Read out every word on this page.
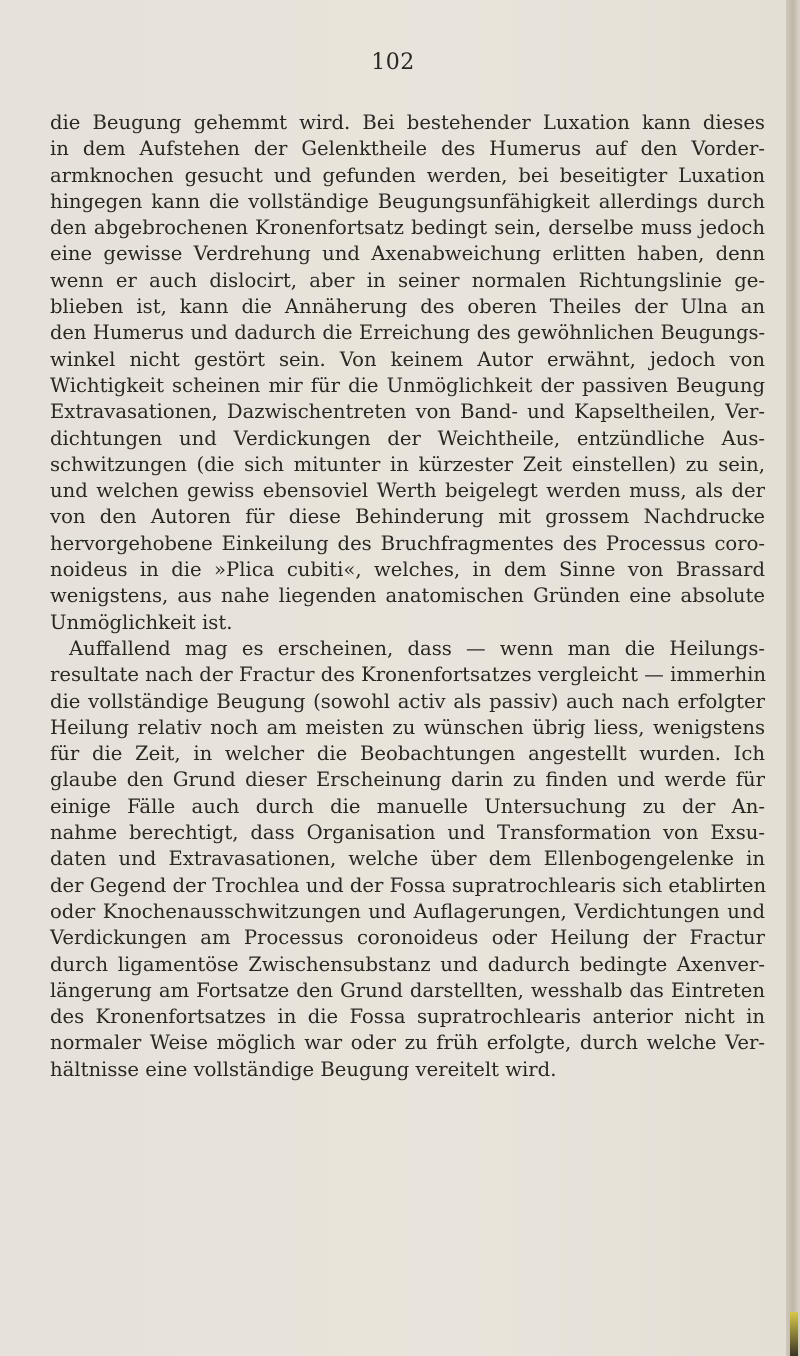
102
die Beugung gehemmt wird. Bei bestehender Luxation kann dieses
in dem Aufstehen der Gelenktheile des Humerus auf den Vorder-
armknochen gesucht und gefunden werden, bei beseitigter Luxation
hingegen kann die vollständige Beugungsunfähigkeit allerdings durch
den abgebrochenen Kronenfortsatz bedingt sein, derselbe muss jedoch
eine gewisse Verdrehung und Axenabweichung erlitten haben, denn
wenn er auch dislocirt, aber in seiner normalen Richtungslinie ge-
blieben ist, kann die Annäherung des oberen Theiles der Ulna an
den Humerus und dadurch die Erreichung des gewöhnlichen Beugungs-
winkel nicht gestört sein. Von keinem Autor erwähnt, jedoch von
Wichtigkeit scheinen mir für die Unmöglichkeit der passiven Beugung
Extravasationen, Dazwischentreten von Band- und Kapseltheilen, Ver-
dichtungen und Verdickungen der Weichtheile, entzündliche Aus-
schwitzungen (die sich mitunter in kürzester Zeit einstellen) zu sein,
und welchen gewiss ebensoviel Werth beigelegt werden muss, als der
von den Autoren für diese Behinderung mit grossem Nachdrucke
hervorgehobene Einkeilung des Bruchfragmentes des Processus coro-
noideus in die »Plica cubiti«, welches, in dem Sinne von Brassard
wenigstens, aus nahe liegenden anatomischen Gründen eine absolute
Unmöglichkeit ist.
Auffallend mag es erscheinen, dass — wenn man die Heilungs-
resultate nach der Fractur des Kronenfortsatzes vergleicht — immerhin
die vollständige Beugung (sowohl activ als passiv) auch nach erfolgter
Heilung relativ noch am meisten zu wünschen übrig liess, wenigstens
für die Zeit, in welcher die Beobachtungen angestellt wurden. Ich
glaube den Grund dieser Erscheinung darin zu finden und werde für
einige Fälle auch durch die manuelle Untersuchung zu der An-
nahme berechtigt, dass Organisation und Transformation von Exsu-
daten und Extravasationen, welche über dem Ellenbogengelenke in
der Gegend der Trochlea und der Fossa supratrochlearis sich etablirten
oder Knochenausschwitzungen und Auflagerungen, Verdichtungen und
Verdickungen am Processus coronoideus oder Heilung der Fractur
durch ligamentöse Zwischensubstanz und dadurch bedingte Axenver-
längerung am Fortsatze den Grund darstellten, wesshalb das Eintreten
des Kronenfortsatzes in die Fossa supratrochlearis anterior nicht in
normaler Weise möglich war oder zu früh erfolgte, durch welche Ver-
hältnisse eine vollständige Beugung vereitelt wird.
